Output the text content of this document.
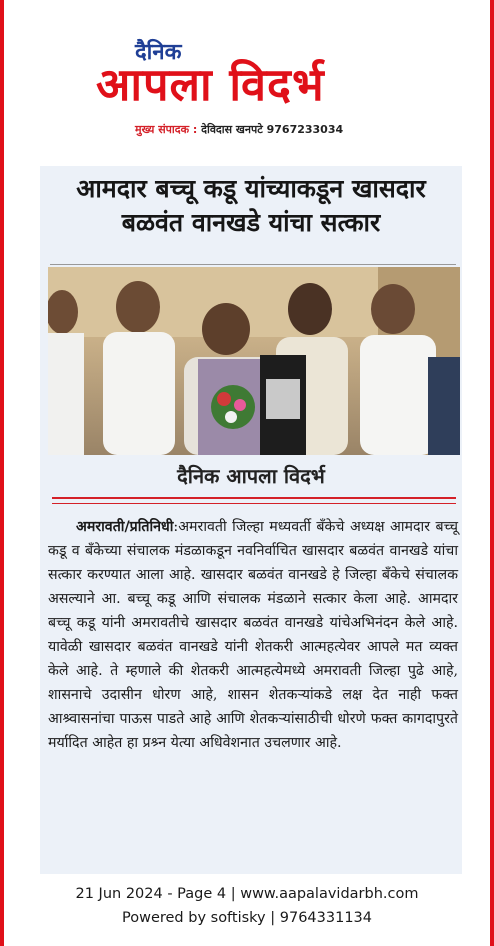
दैनिक
आपला विदर्भ
मुख्य संपादक : देविदास खनपटे 9767233034
आमदार बच्चू कडू यांच्याकडून खासदार
बळवंत वानखडे यांचा सत्कार
दैनिक आपला विदर्भ
अमरावती/प्रतिनिधी:अमरावती जिल्हा मध्यवर्ती बँकेचे अध्यक्ष आमदार बच्चू कडू व बँकेच्या संचालक मंडळाकडून नवनिर्वाचित खासदार बळवंत वानखडे यांचा सत्कार करण्यात आला आहे. खासदार बळवंत वानखडे हे जिल्हा बँकेचे संचालक असल्याने आ. बच्चू कडू आणि संचालक मंडळाने सत्कार केला आहे. आमदार बच्चू कडू यांनी अमरावतीचे खासदार बळवंत वानखडे यांचेअभिनंदन केले आहे. यावेळी खासदार बळवंत वानखडे यांनी शेतकरी आत्महत्येवर आपले मत व्यक्त केले आहे. ते म्हणाले की शेतकरी आत्महत्येमध्ये अमरावती जिल्हा पुढे आहे, शासनाचे उदासीन धोरण आहे, शासन शेतकऱ्यांकडे लक्ष देत नाही फक्त आश्र्वासनांचा पाऊस पाडते आहे आणि शेतकऱ्यांसाठीची धोरणे फक्त कागदापुरते मर्यादित आहेत हा प्रश्र्न येत्या अधिवेशनात उचलणार आहे.
21 Jun 2024 - Page 4 | www.aapalavidarbh.com
Powered by softisky | 9764331134
